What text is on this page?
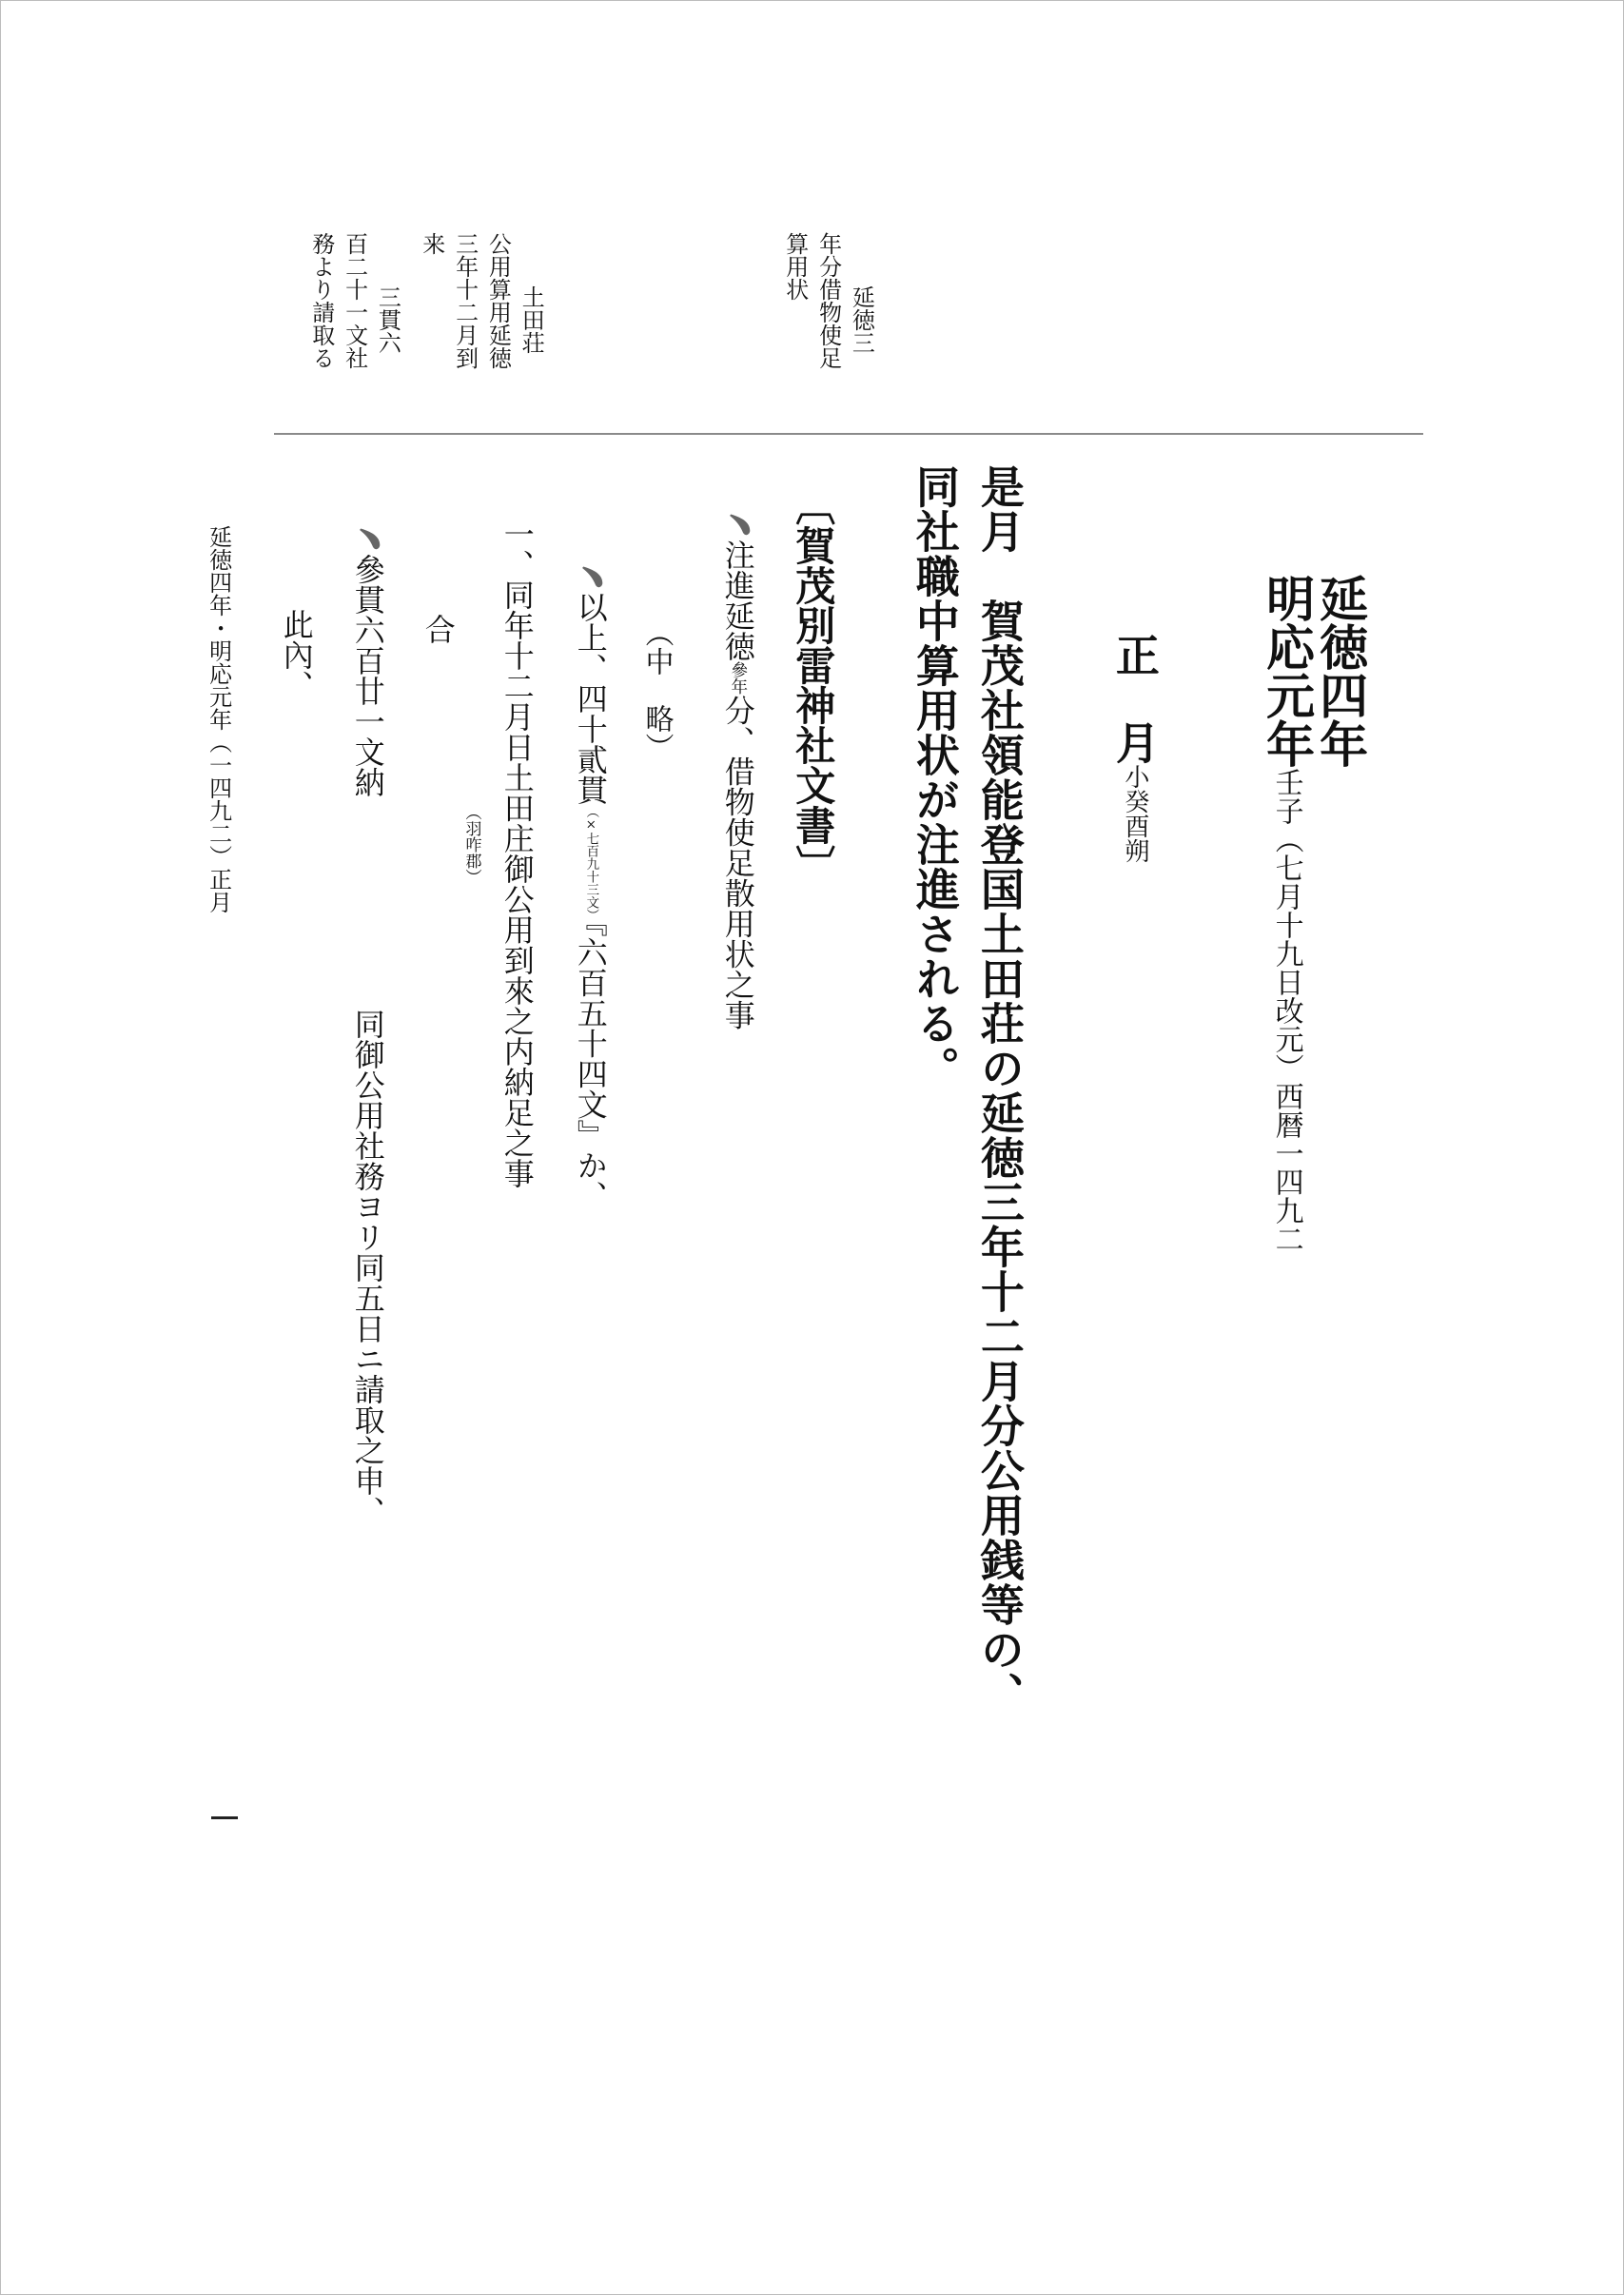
延徳四年
明応元年壬子（七月十九日改元）西暦一四九二
正　月小癸酉朔
是月　賀茂社領能登国土田荘の延徳三年十二月分公用銭等の、
同社職中算用状が注進される。
〔賀茂別雷神社文書〕
﹅注進延徳參年分、借物使足散用状之事
（中　略）
﹅以上、四十貳貫（×七百九十三文）『六百五十四文』か、
一、同年十二月日土田庄御公用到來之内納足之事
（羽咋郡）
合
﹅參貫六百廿一文納
同御公用社務ヨリ同五日ニ請取之申、
此內、

延徳三年分借物使足算用状

土田荘公用算用延徳三年十二月到来

三貫六百二十一文社務より請取る

延徳四年・明応元年（一四九二）正月
